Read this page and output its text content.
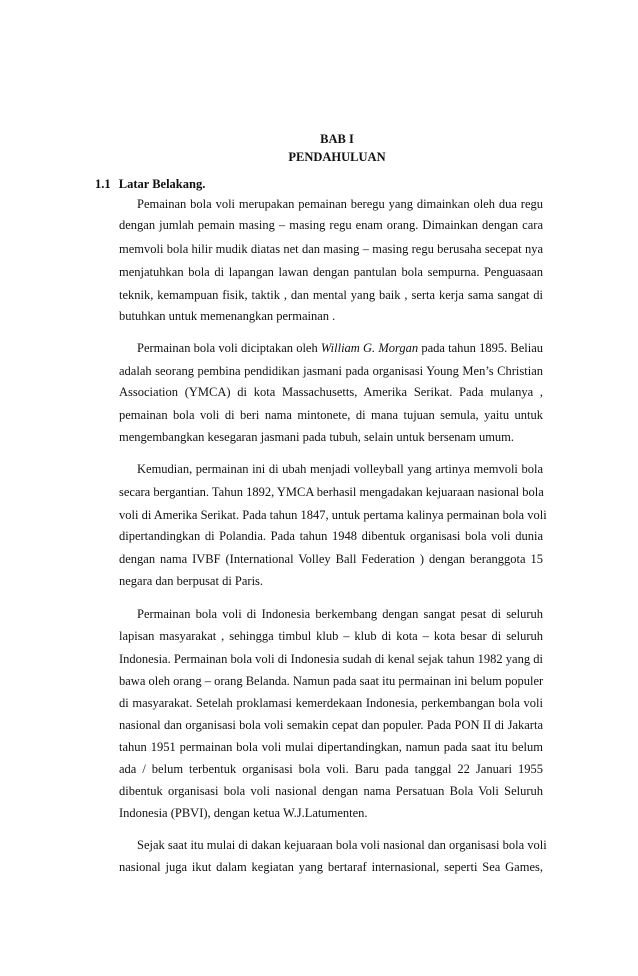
BAB I
PENDAHULUAN
1.1 Latar Belakang.
Pemainan bola voli merupakan pemainan beregu yang dimainkan oleh dua regu
dengan jumlah pemain masing – masing regu enam orang. Dimainkan dengan cara
memvoli bola hilir mudik diatas net dan masing – masing regu berusaha secepat nya
menjatuhkan bola di lapangan lawan dengan pantulan bola sempurna. Penguasaan
teknik, kemampuan fisik, taktik , dan mental yang baik , serta kerja sama sangat di
butuhkan untuk memenangkan permainan .
Permainan bola voli diciptakan oleh William G. Morgan pada tahun 1895. Beliau
adalah seorang pembina pendidikan jasmani pada organisasi Young Men’s Christian
Association (YMCA) di kota Massachusetts, Amerika Serikat. Pada mulanya ,
pemainan bola voli di beri nama mintonete, di mana tujuan semula, yaitu untuk
mengembangkan kesegaran jasmani pada tubuh, selain untuk bersenam umum.
Kemudian, permainan ini di ubah menjadi volleyball yang artinya memvoli bola
secara bergantian. Tahun 1892, YMCA berhasil mengadakan kejuaraan nasional bola
voli di Amerika Serikat. Pada tahun 1847, untuk pertama kalinya permainan bola voli
dipertandingkan di Polandia. Pada tahun 1948 dibentuk organisasi bola voli dunia
dengan nama IVBF (International Volley Ball Federation ) dengan beranggota 15
negara dan berpusat di Paris.
Permainan bola voli di Indonesia berkembang dengan sangat pesat di seluruh
lapisan masyarakat , sehingga timbul klub – klub di kota – kota besar di seluruh
Indonesia. Permainan bola voli di Indonesia sudah di kenal sejak tahun 1982 yang di
bawa oleh orang – orang Belanda. Namun pada saat itu permainan ini belum populer
di masyarakat. Setelah proklamasi kemerdekaan Indonesia, perkembangan bola voli
nasional dan organisasi bola voli semakin cepat dan populer. Pada PON II di Jakarta
tahun 1951 permainan bola voli mulai dipertandingkan, namun pada saat itu belum
ada / belum terbentuk organisasi bola voli. Baru pada tanggal 22 Januari 1955
dibentuk organisasi bola voli nasional dengan nama Persatuan Bola Voli Seluruh
Indonesia (PBVI), dengan ketua W.J.Latumenten.
Sejak saat itu mulai di dakan kejuaraan bola voli nasional dan organisasi bola voli
nasional juga ikut dalam kegiatan yang bertaraf internasional, seperti Sea Games,
